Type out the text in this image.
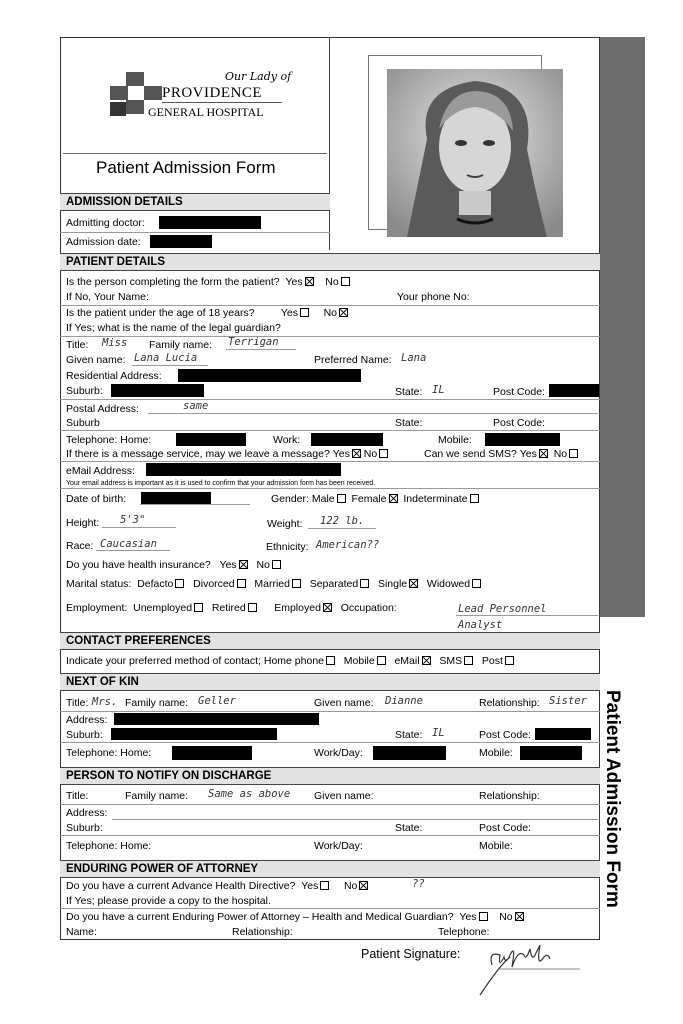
Patient Admission Form
Our Lady of
PROVIDENCE
GENERAL HOSPITAL
Patient Admission Form
ADMISSION DETAILS
Admitting doctor:
Admission date:
PATIENT DETAILS
Is the person completing the form the patient? Yes No
If No, Your Name:	Your phone No:
Is the patient under the age of 18 years?	Yes No
If Yes; what is the name of the legal guardian?
Title: Miss Family name: Terrigan
Given name: Lana Lucia	Preferred Name: Lana
Residential Address:
Suburb:	State: IL	Post Code:
Postal Address:	same
Suburb	State:	Post Code:
Telephone: Home:	Work:	Mobile:
If there is a message service, may we leave a message? Yes No	Can we send SMS? Yes No
eMail Address:
Your email address is important as it is used to confirm that your admission form has been received.
Date of birth:	Gender: Male Female Indeterminate
Height: 5'3"	Weight: 122 lb.
Race: Caucasian	Ethnicity: American??
Do you have health insurance? Yes No
Marital status: Defacto Divorced Married Separated Single Widowed
Employment: Unemployed Retired	Employed Occupation:	Lead Personnel
Analyst
CONTACT PREFERENCES
Indicate your preferred method of contact; Home phone Mobile eMail SMS Post
NEXT OF KIN
Title: Mrs. Family name: Geller	Given name: Dianne	Relationship: Sister
Address:
Suburb:	State: IL	Post Code:
Telephone: Home:	Work/Day:	Mobile:
PERSON TO NOTIFY ON DISCHARGE
Title:	Family name: Same as above Given name:	Relationship:
Address:
Suburb:	State:	Post Code:
Telephone: Home:	Work/Day:	Mobile:
ENDURING POWER OF ATTORNEY
Do you have a current Advance Health Directive? Yes No	??
If Yes; please provide a copy to the hospital.
Do you have a current Enduring Power of Attorney – Health and Medical Guardian? Yes No
Name:	Relationship:	Telephone:
Patient Signature:
